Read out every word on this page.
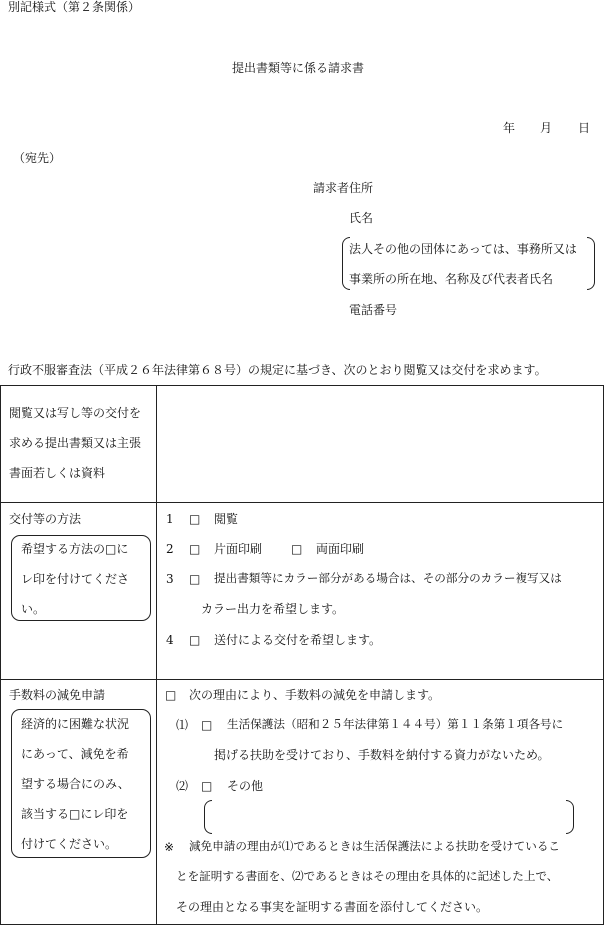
別記様式（第２条関係）
提出書類等に係る請求書
年 月 日
（宛先）
請求者住所
氏名
法人その他の団体にあっては、事務所又は
事業所の所在地、名称及び代表者氏名
電話番号
行政不服審査法（平成２６年法律第６８号）の規定に基づき、次のとおり閲覧又は交付を求めます。
閲覧又は写し等の交付を
求める提出書類又は主張
書面若しくは資料
交付等の方法
希望する方法の□に
レ印を付けてくださ
い。
1 □ 閲覧
2 □ 片面印刷 □ 両面印刷
3 □ 提出書類等にカラー部分がある場合は、その部分のカラー複写又は
カラー出力を希望します。
4 □ 送付による交付を希望します。
手数料の減免申請
経済的に困難な状況
にあって、減免を希
望する場合にのみ、
該当する□にレ印を
付けてください。
□ 次の理由により、手数料の減免を申請します。
⑴ □ 生活保護法（昭和２５年法律第１４４号）第１１条第１項各号に
掲げる扶助を受けており、手数料を納付する資力がないため。
⑵ □ その他
※ 減免申請の理由が⑴であるときは生活保護法による扶助を受けているこ
とを証明する書面を、⑵であるときはその理由を具体的に記述した上で、
その理由となる事実を証明する書面を添付してください。
